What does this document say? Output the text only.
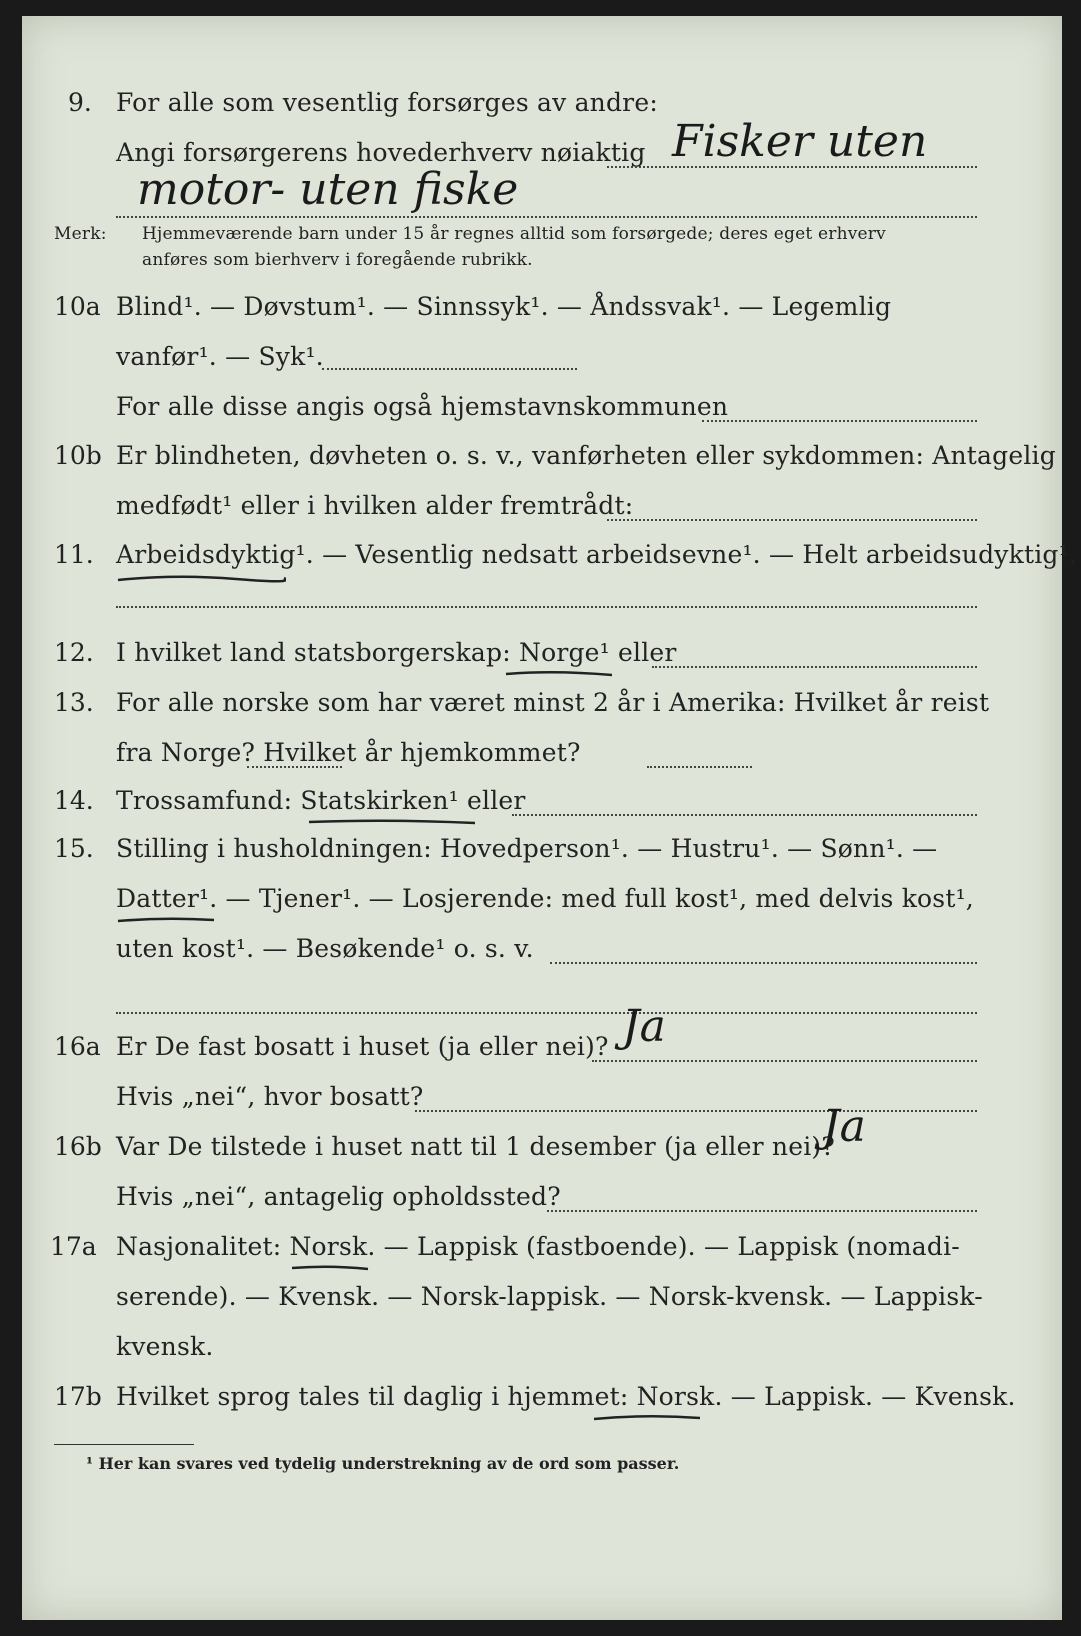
9. For alle som vesentlig forsørges av andre:
Angi forsørgerens hovederhverv nøiaktig Fisker uten
motor- uten fiske
Merk: Hjemmeværende barn under 15 år regnes alltid som forsørgede; deres eget erhverv
anføres som bierhverv i foregående rubrikk.
10a Blind¹. — Døvstum¹. — Sinnssyk¹. — Åndssvak¹. — Legemlig
vanfør¹. — Syk¹.
For alle disse angis også hjemstavnskommunen
10b Er blindheten, døvheten o. s. v., vanførheten eller sykdommen: Antagelig
medfødt¹ eller i hvilken alder fremtrådt:
11. Arbeidsdyktig¹. — Vesentlig nedsatt arbeidsevne¹. — Helt arbeidsudyktig¹.
12. I hvilket land statsborgerskap: Norge¹ eller
13. For alle norske som har været minst 2 år i Amerika: Hvilket år reist
fra Norge? Hvilket år hjemkommet?
14. Trossamfund: Statskirken¹ eller
15. Stilling i husholdningen: Hovedperson¹. — Hustru¹. — Sønn¹. —
Datter¹. — Tjener¹. — Losjerende: med full kost¹, med delvis kost¹,
uten kost¹. — Besøkende¹ o. s. v.
16a Er De fast bosatt i huset (ja eller nei)? Ja
Hvis „nei“, hvor bosatt?
16b Var De tilstede i huset natt til 1 desember (ja eller nei)?
Ja
Hvis „nei“, antagelig opholdssted?
17a Nasjonalitet: Norsk. — Lappisk (fastboende). — Lappisk (nomadi-
serende). — Kvensk. — Norsk-lappisk. — Norsk-kvensk. — Lappisk-
kvensk.
17b Hvilket sprog tales til daglig i hjemmet: Norsk. — Lappisk. — Kvensk.
¹ Her kan svares ved tydelig understrekning av de ord som passer.
